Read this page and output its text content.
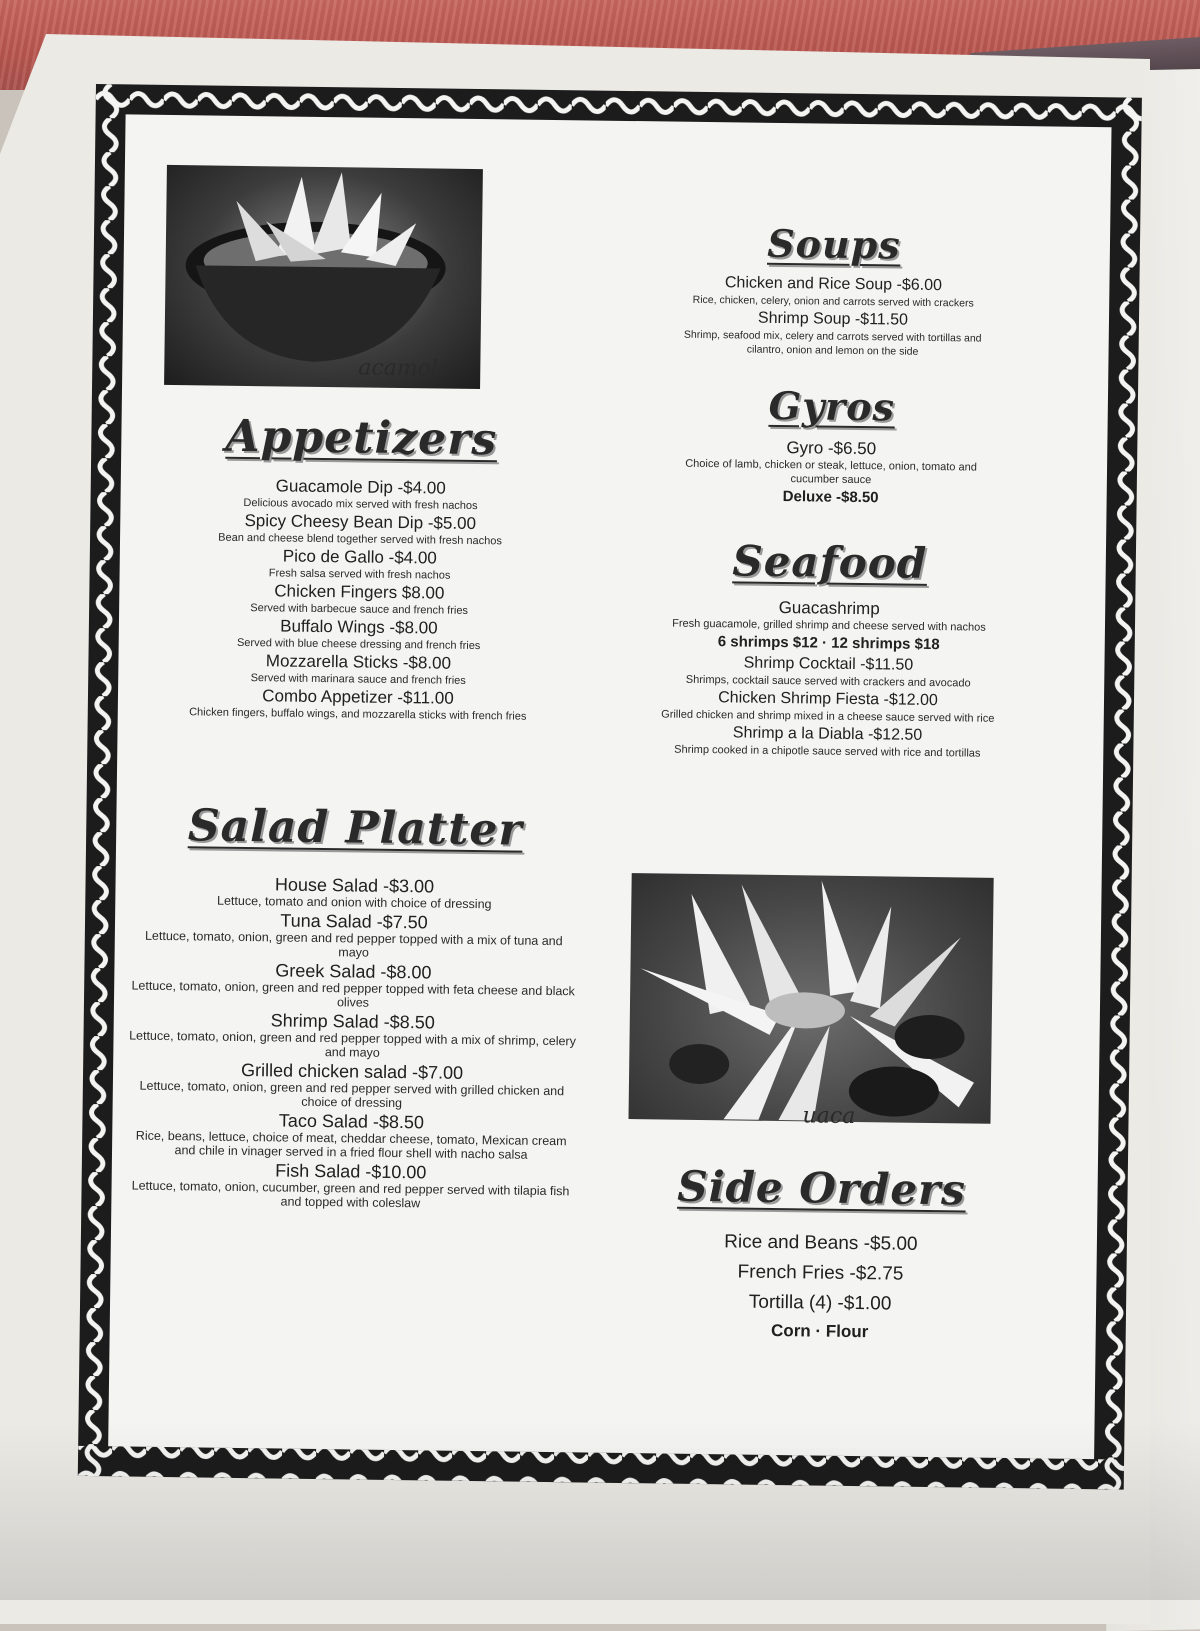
acamole
Appetizers
Guacamole Dip -$4.00
Delicious avocado mix served with fresh nachos
Spicy Cheesy Bean Dip -$5.00
Bean and cheese blend together served with fresh nachos
Pico de Gallo -$4.00
Fresh salsa served with fresh nachos
Chicken Fingers $8.00
Served with barbecue sauce and french fries
Buffalo Wings -$8.00
Served with blue cheese dressing and french fries
Mozzarella Sticks -$8.00
Served with marinara sauce and french fries
Combo Appetizer -$11.00
Chicken fingers, buffalo wings, and mozzarella sticks with french fries
Salad Platter
House Salad -$3.00
Lettuce, tomato and onion with choice of dressing
Tuna Salad -$7.50
Lettuce, tomato, onion, green and red pepper topped with a mix of tuna and mayo
Greek Salad -$8.00
Lettuce, tomato, onion, green and red pepper topped with feta cheese and black olives
Shrimp Salad -$8.50
Lettuce, tomato, onion, green and red pepper topped with a mix of shrimp, celery and mayo
Grilled chicken salad -$7.00
Lettuce, tomato, onion, green and red pepper served with grilled chicken and choice of dressing
Taco Salad -$8.50
Rice, beans, lettuce, choice of meat, cheddar cheese, tomato, Mexican cream and chile in vinager served in a fried flour shell with nacho salsa
Fish Salad -$10.00
Lettuce, tomato, onion, cucumber, green and red pepper served with tilapia fish and topped with coleslaw
Soups
Chicken and Rice Soup -$6.00
Rice, chicken, celery, onion and carrots served with crackers
Shrimp Soup -$11.50
Shrimp, seafood mix, celery and carrots served with tortillas and cilantro, onion and lemon on the side
Gyros
Gyro -$6.50
Choice of lamb, chicken or steak, lettuce, onion, tomato and cucumber sauce
Deluxe -$8.50
Seafood
Guacashrimp
Fresh guacamole, grilled shrimp and cheese served with nachos
6 shrimps $12 · 12 shrimps $18
Shrimp Cocktail -$11.50
Shrimps, cocktail sauce served with crackers and avocado
Chicken Shrimp Fiesta -$12.00
Grilled chicken and shrimp mixed in a cheese sauce served with rice
Shrimp a la Diabla -$12.50
Shrimp cooked in a chipotle sauce served with rice and tortillas
uaca
Side Orders
Rice and Beans -$5.00
French Fries -$2.75
Tortilla (4) -$1.00
Corn · Flour
